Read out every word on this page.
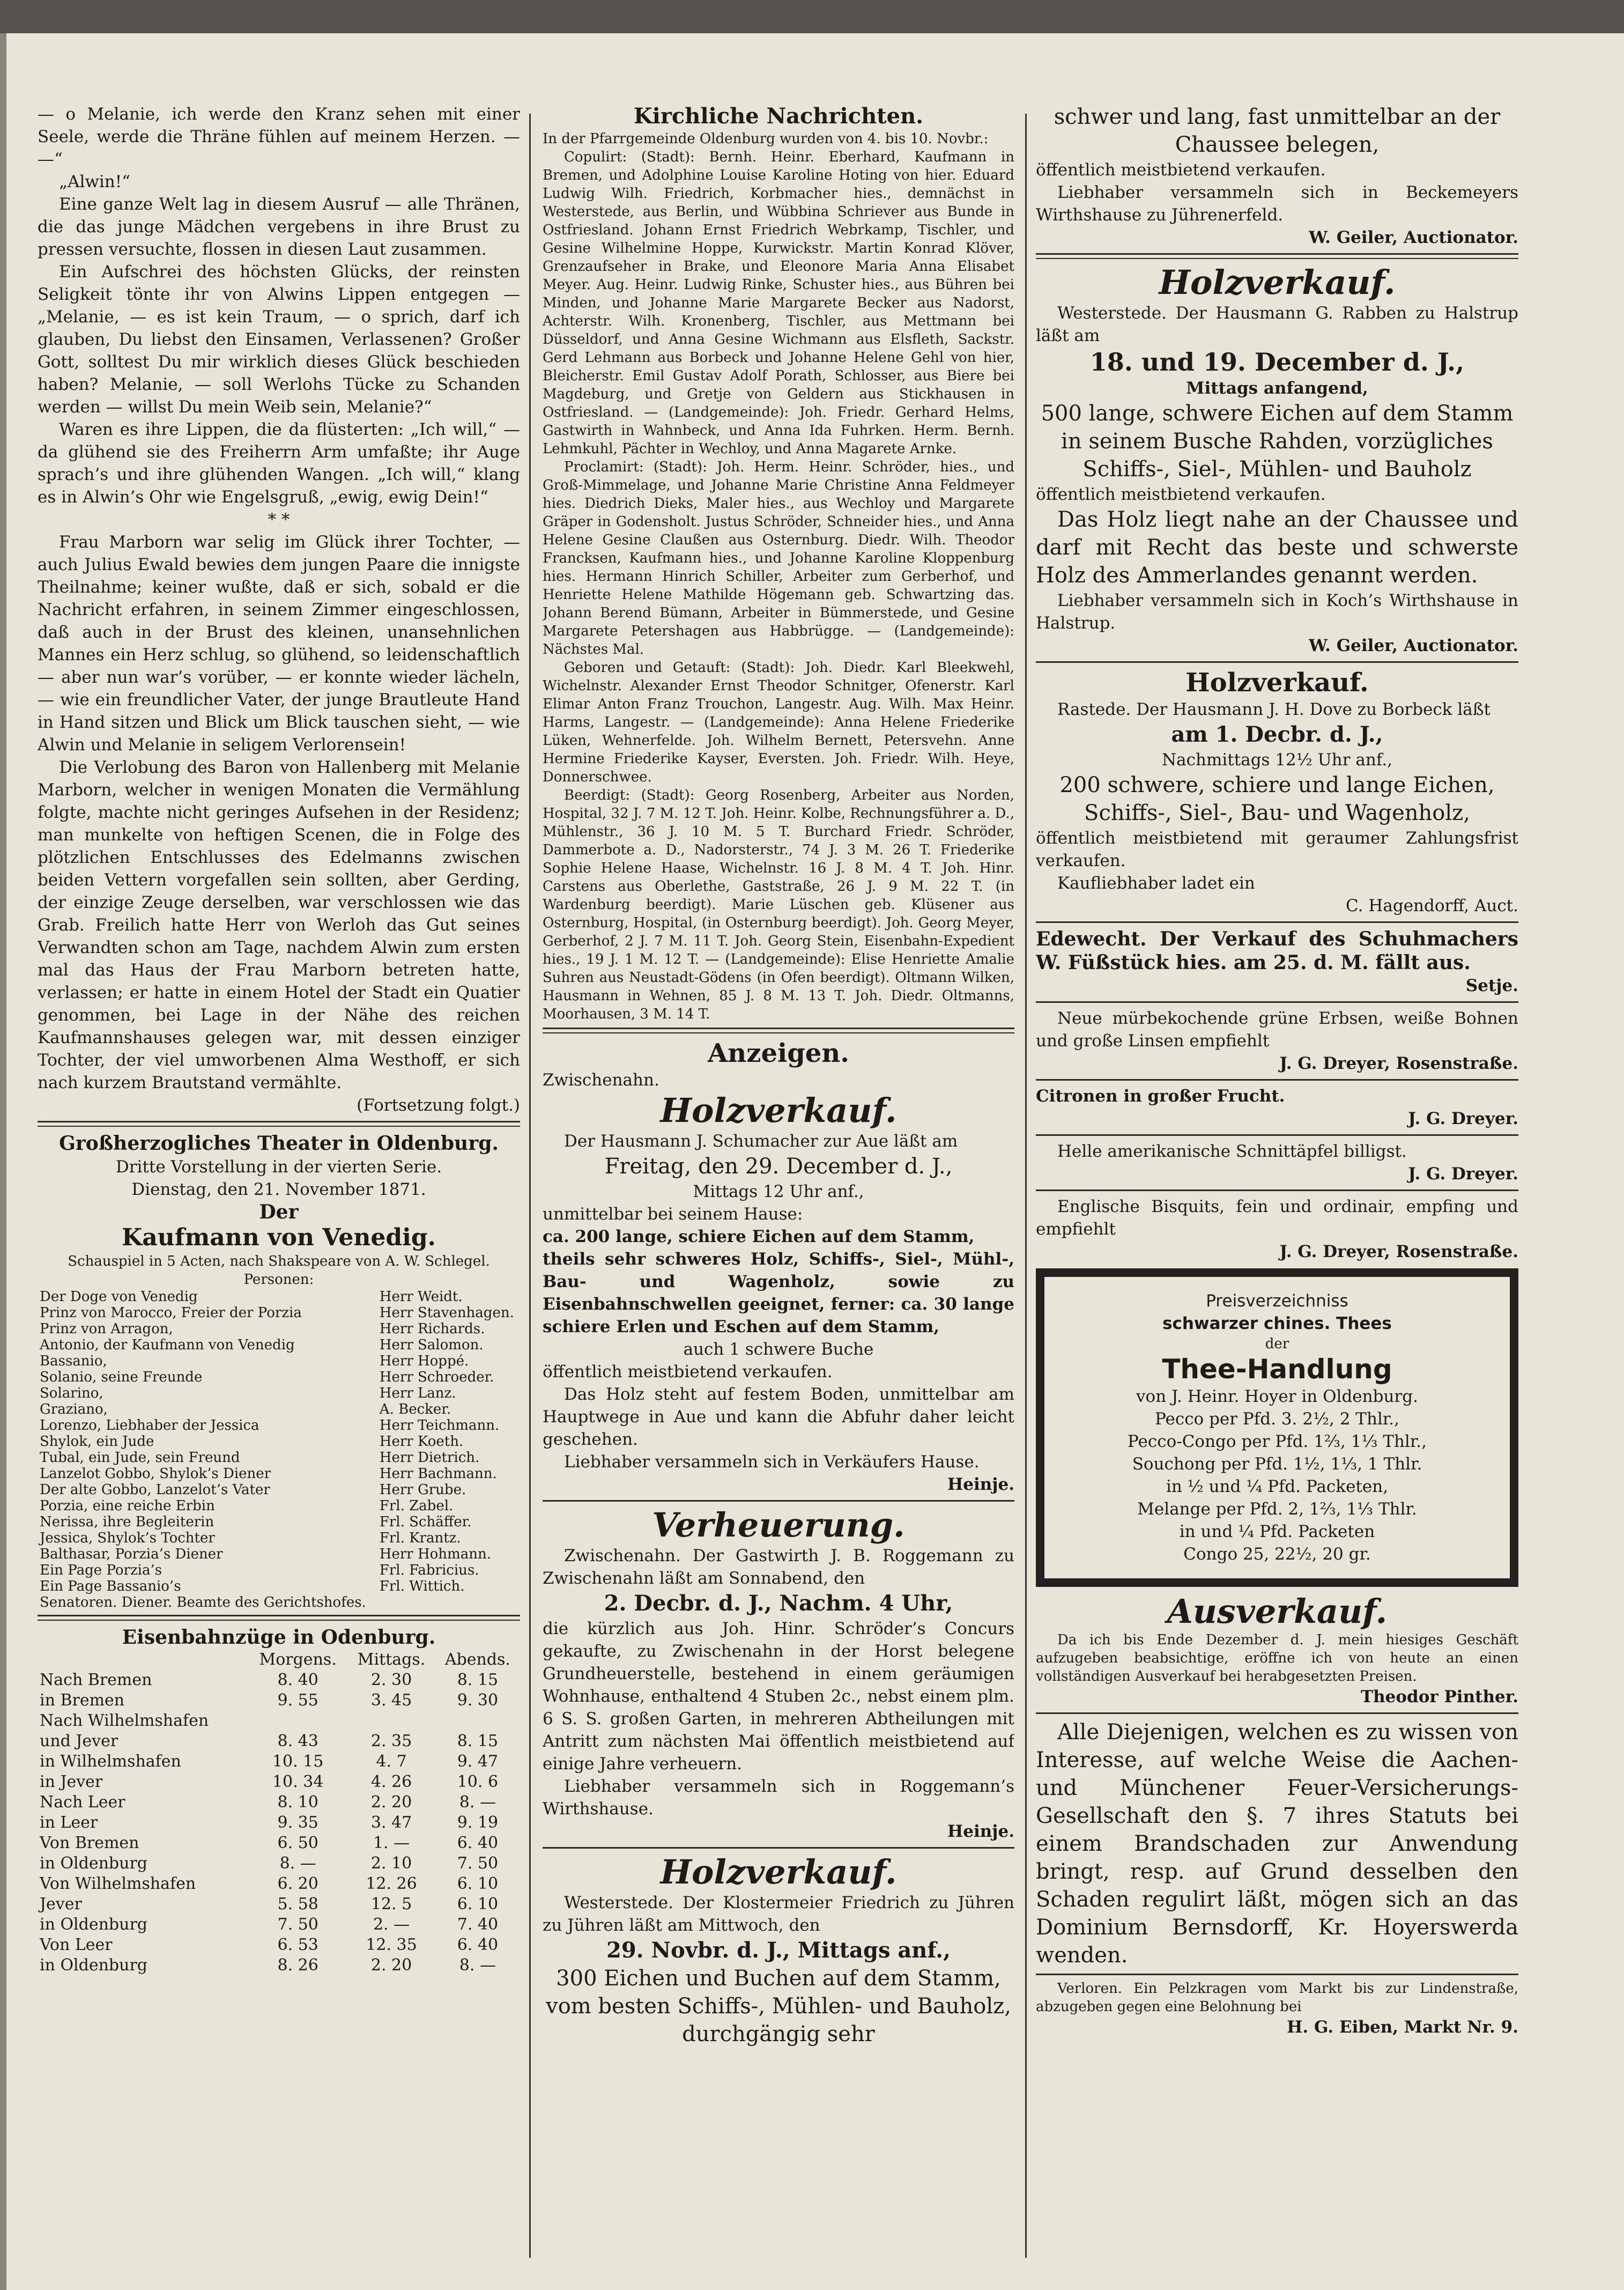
— o Melanie, ich werde den Kranz sehen mit einer Seele, werde die Thräne fühlen auf meinem Herzen. — —“

„Alwin!“

Eine ganze Welt lag in diesem Ausruf — alle Thränen, die das junge Mädchen vergebens in ihre Brust zu pressen versuchte, flossen in diesen Laut zusammen.

Ein Aufschrei des höchsten Glücks, der reinsten Seligkeit tönte ihr von Alwins Lippen entgegen — „Melanie, — es ist kein Traum, — o sprich, darf ich glauben, Du liebst den Einsamen, Verlassenen? Großer Gott, solltest Du mir wirklich dieses Glück beschieden haben? Melanie, — soll Werlohs Tücke zu Schanden werden — willst Du mein Weib sein, Melanie?“

Waren es ihre Lippen, die da flüsterten: „Ich will,“ — da glühend sie des Freiherrn Arm umfaßte; ihr Auge sprach’s und ihre glühenden Wangen. „Ich will,“ klang es in Alwin’s Ohr wie Engelsgruß, „ewig, ewig Dein!“

* *

Frau Marborn war selig im Glück ihrer Tochter, — auch Julius Ewald bewies dem jungen Paare die innigste Theilnahme; keiner wußte, daß er sich, sobald er die Nachricht erfahren, in seinem Zimmer eingeschlossen, daß auch in der Brust des kleinen, unansehnlichen Mannes ein Herz schlug, so glühend, so leidenschaftlich — aber nun war’s vorüber, — er konnte wieder lächeln, — wie ein freundlicher Vater, der junge Brautleute Hand in Hand sitzen und Blick um Blick tauschen sieht, — wie Alwin und Melanie in seligem Verlorensein!

Die Verlobung des Baron von Hallenberg mit Melanie Marborn, welcher in wenigen Monaten die Vermählung folgte, machte nicht geringes Aufsehen in der Residenz; man munkelte von heftigen Scenen, die in Folge des plötzlichen Entschlusses des Edelmanns zwischen beiden Vettern vorgefallen sein sollten, aber Gerding, der einzige Zeuge derselben, war verschlossen wie das Grab. Freilich hatte Herr von Werloh das Gut seines Verwandten schon am Tage, nachdem Alwin zum ersten mal das Haus der Frau Marborn betreten hatte, verlassen; er hatte in einem Hotel der Stadt ein Quatier genommen, bei Lage in der Nähe des reichen Kaufmannshauses gelegen war, mit dessen einziger Tochter, der viel umworbenen Alma Westhoff, er sich nach kurzem Brautstand vermählte.

(Fortsetzung folgt.)

Großherzogliches Theater in Oldenburg.

Dritte Vorstellung in der vierten Serie.

Dienstag, den 21. November 1871.

Der

Kaufmann von Venedig.

Schauspiel in 5 Acten, nach Shakspeare von A. W. Schlegel.

Personen:

Der Doge von Venedig	Herr Weidt.
Prinz von Marocco, Freier der Porzia	Herr Stavenhagen.
Prinz von Arragon,	Herr Richards.
Antonio, der Kaufmann von Venedig	Herr Salomon.
Bassanio,	Herr Hoppé.
Solanio, seine Freunde	Herr Schroeder.
Solarino,	Herr Lanz.
Graziano,	A. Becker.
Lorenzo, Liebhaber der Jessica	Herr Teichmann.
Shylok, ein Jude	Herr Koeth.
Tubal, ein Jude, sein Freund	Herr Dietrich.
Lanzelot Gobbo, Shylok’s Diener	Herr Bachmann.
Der alte Gobbo, Lanzelot’s Vater	Herr Grube.
Porzia, eine reiche Erbin	Frl. Zabel.
Nerissa, ihre Begleiterin	Frl. Schäffer.
Jessica, Shylok’s Tochter	Frl. Krantz.
Balthasar, Porzia’s Diener	Herr Hohmann.
Ein Page Porzia’s	Frl. Fabricius.
Ein Page Bassanio’s	Frl. Wittich.
Senatoren. Diener. Beamte des Gerichtshofes.	

Eisenbahnzüge in Odenburg.

	Morgens.	Mittags.	Abends.
Nach Bremen	8. 40	2. 30	8. 15
in Bremen	9. 55	3. 45	9. 30
Nach Wilhelmshafen			
und Jever	8. 43	2. 35	8. 15
in Wilhelmshafen	10. 15	4. 7	9. 47
in Jever	10. 34	4. 26	10. 6
Nach Leer	8. 10	2. 20	8. —
in Leer	9. 35	3. 47	9. 19
Von Bremen	6. 50	1. —	6. 40
in Oldenburg	8. —	2. 10	7. 50
Von Wilhelmshafen	6. 20	12. 26	6. 10
Jever	5. 58	12. 5	6. 10
in Oldenburg	7. 50	2. —	7. 40
Von Leer	6. 53	12. 35	6. 40
in Oldenburg	8. 26	2. 20	8. —

Kirchliche Nachrichten.

In der Pfarrgemeinde Oldenburg wurden von 4. bis 10. Novbr.:

Copulirt: (Stadt): Bernh. Heinr. Eberhard, Kaufmann in Bremen, und Adolphine Louise Karoline Hoting von hier. Eduard Ludwig Wilh. Friedrich, Korbmacher hies., demnächst in Westerstede, aus Berlin, und Wübbina Schriever aus Bunde in Ostfriesland. Johann Ernst Friedrich Webrkamp, Tischler, und Gesine Wilhelmine Hoppe, Kurwickstr. Martin Konrad Klöver, Grenzaufseher in Brake, und Eleonore Maria Anna Elisabet Meyer. Aug. Heinr. Ludwig Rinke, Schuster hies., aus Bühren bei Minden, und Johanne Marie Margarete Becker aus Nadorst, Achterstr. Wilh. Kronenberg, Tischler, aus Mettmann bei Düsseldorf, und Anna Gesine Wichmann aus Elsfleth, Sackstr. Gerd Lehmann aus Borbeck und Johanne Helene Gehl von hier, Bleicherstr. Emil Gustav Adolf Porath, Schlosser, aus Biere bei Magdeburg, und Gretje von Geldern aus Stickhausen in Ostfriesland. — (Landgemeinde): Joh. Friedr. Gerhard Helms, Gastwirth in Wahnbeck, und Anna Ida Fuhrken. Herm. Bernh. Lehmkuhl, Pächter in Wechloy, und Anna Magarete Arnke.

Proclamirt: (Stadt): Joh. Herm. Heinr. Schröder, hies., und Groß-Mimmelage, und Johanne Marie Christine Anna Feldmeyer hies. Diedrich Dieks, Maler hies., aus Wechloy und Margarete Gräper in Godensholt. Justus Schröder, Schneider hies., und Anna Helene Gesine Claußen aus Osternburg. Diedr. Wilh. Theodor Francksen, Kaufmann hies., und Johanne Karoline Kloppenburg hies. Hermann Hinrich Schiller, Arbeiter zum Gerberhof, und Henriette Helene Mathilde Högemann geb. Schwartzing das. Johann Berend Bümann, Arbeiter in Bümmerstede, und Gesine Margarete Petershagen aus Habbrügge. — (Landgemeinde): Nächstes Mal.

Geboren und Getauft: (Stadt): Joh. Diedr. Karl Bleekwehl, Wichelnstr. Alexander Ernst Theodor Schnitger, Ofenerstr. Karl Elimar Anton Franz Trouchon, Langestr. Aug. Wilh. Max Heinr. Harms, Langestr. — (Landgemeinde): Anna Helene Friederike Lüken, Wehnerfelde. Joh. Wilhelm Bernett, Petersvehn. Anne Hermine Friederike Kayser, Eversten. Joh. Friedr. Wilh. Heye, Donnerschwee.

Beerdigt: (Stadt): Georg Rosenberg, Arbeiter aus Norden, Hospital, 32 J. 7 M. 12 T. Joh. Heinr. Kolbe, Rechnungsführer a. D., Mühlenstr., 36 J. 10 M. 5 T. Burchard Friedr. Schröder, Dammerbote a. D., Nadorsterstr., 74 J. 3 M. 26 T. Friederike Sophie Helene Haase, Wichelnstr. 16 J. 8 M. 4 T. Joh. Hinr. Carstens aus Oberlethe, Gaststraße, 26 J. 9 M. 22 T. (in Wardenburg beerdigt). Marie Lüschen geb. Klüsener aus Osternburg, Hospital, (in Osternburg beerdigt). Joh. Georg Meyer, Gerberhof, 2 J. 7 M. 11 T. Joh. Georg Stein, Eisenbahn-Expedient hies., 19 J. 1 M. 12 T. — (Landgemeinde): Elise Henriette Amalie Suhren aus Neustadt-Gödens (in Ofen beerdigt). Oltmann Wilken, Hausmann in Wehnen, 85 J. 8 M. 13 T. Joh. Diedr. Oltmanns, Moorhausen, 3 M. 14 T.

Anzeigen.

Zwischenahn.

Holzverkauf.

Der Hausmann J. Schumacher zur Aue läßt am

Freitag, den 29. December d. J.,

Mittags 12 Uhr anf.,

unmittelbar bei seinem Hause:

ca. 200 lange, schiere Eichen auf dem Stamm,

theils sehr schweres Holz, Schiffs-, Siel-, Mühl-, Bau- und Wagenholz, sowie zu Eisenbahnschwellen geeignet, ferner: ca. 30 lange schiere Erlen und Eschen auf dem Stamm,

auch 1 schwere Buche

öffentlich meistbietend verkaufen.

Das Holz steht auf festem Boden, unmittelbar am Hauptwege in Aue und kann die Abfuhr daher leicht geschehen.

Liebhaber versammeln sich in Verkäufers Hause.

Heinje.

Verheuerung.

Zwischenahn. Der Gastwirth J. B. Roggemann zu Zwischenahn läßt am Sonnabend, den

2. Decbr. d. J., Nachm. 4 Uhr,

die kürzlich aus Joh. Hinr. Schröder’s Concurs gekaufte, zu Zwischenahn in der Horst belegene Grundheuerstelle, bestehend in einem geräumigen Wohnhause, enthaltend 4 Stuben 2c., nebst einem plm. 6 S. S. großen Garten, in mehreren Abtheilungen mit Antritt zum nächsten Mai öffentlich meistbietend auf einige Jahre verheuern.

Liebhaber versammeln sich in Roggemann’s Wirthshause.

Heinje.

Holzverkauf.

Westerstede. Der Klostermeier Friedrich zu Jühren zu Jühren läßt am Mittwoch, den

29. Novbr. d. J., Mittags anf.,

300 Eichen und Buchen auf dem Stamm, vom besten Schiffs-, Mühlen- und Bauholz, durchgängig sehr

schwer und lang, fast unmittelbar an der Chaussee belegen,

öffentlich meistbietend verkaufen.

Liebhaber versammeln sich in Beckemeyers Wirthshause zu Jührenerfeld.

W. Geiler, Auctionator.

Holzverkauf.

Westerstede. Der Hausmann G. Rabben zu Halstrup läßt am

18. und 19. December d. J.,

Mittags anfangend,

500 lange, schwere Eichen auf dem Stamm in seinem Busche Rahden, vorzügliches Schiffs-, Siel-, Mühlen- und Bauholz

öffentlich meistbietend verkaufen.

Das Holz liegt nahe an der Chaussee und darf mit Recht das beste und schwerste Holz des Ammerlandes genannt werden.

Liebhaber versammeln sich in Koch’s Wirthshause in Halstrup.

W. Geiler, Auctionator.

Holzverkauf.

Rastede. Der Hausmann J. H. Dove zu Borbeck läßt

am 1. Decbr. d. J.,

Nachmittags 12½ Uhr anf.,

200 schwere, schiere und lange Eichen, Schiffs-, Siel-, Bau- und Wagenholz,

öffentlich meistbietend mit geraumer Zahlungsfrist verkaufen.

Kaufliebhaber ladet ein

C. Hagendorff, Auct.

Edewecht. Der Verkauf des Schuhmachers W. Füßstück hies. am 25. d. M. fällt aus.

Setje.

Neue mürbekochende grüne Erbsen, weiße Bohnen und große Linsen empfiehlt

J. G. Dreyer, Rosenstraße.

Citronen in großer Frucht.

J. G. Dreyer.

Helle amerikanische Schnittäpfel billigst.

J. G. Dreyer.

Englische Bisquits, fein und ordinair, empfing und empfiehlt

J. G. Dreyer, Rosenstraße.

Preisverzeichniss

schwarzer chines. Thees

der

Thee-Handlung

von J. Heinr. Hoyer in Oldenburg.

Pecco per Pfd. 3. 2½, 2 Thlr.,

Pecco-Congo per Pfd. 1⅔, 1⅓ Thlr.,

Souchong per Pfd. 1½, 1⅓, 1 Thlr.

in ½ und ¼ Pfd. Packeten,

Melange per Pfd. 2, 1⅔, 1⅓ Thlr.

in und ¼ Pfd. Packeten

Congo 25, 22½, 20 gr.

Ausverkauf.

Da ich bis Ende Dezember d. J. mein hiesiges Geschäft aufzugeben beabsichtige, eröffne ich von heute an einen vollständigen Ausverkauf bei herabgesetzten Preisen.

Theodor Pinther.

Alle Diejenigen, welchen es zu wissen von Interesse, auf welche Weise die Aachen- und Münchener Feuer-Versicherungs-Gesellschaft den §. 7 ihres Statuts bei einem Brandschaden zur Anwendung bringt, resp. auf Grund desselben den Schaden regulirt läßt, mögen sich an das Dominium Bernsdorff, Kr. Hoyerswerda wenden.

Verloren. Ein Pelzkragen vom Markt bis zur Lindenstraße, abzugeben gegen eine Belohnung bei

H. G. Eiben, Markt Nr. 9.
